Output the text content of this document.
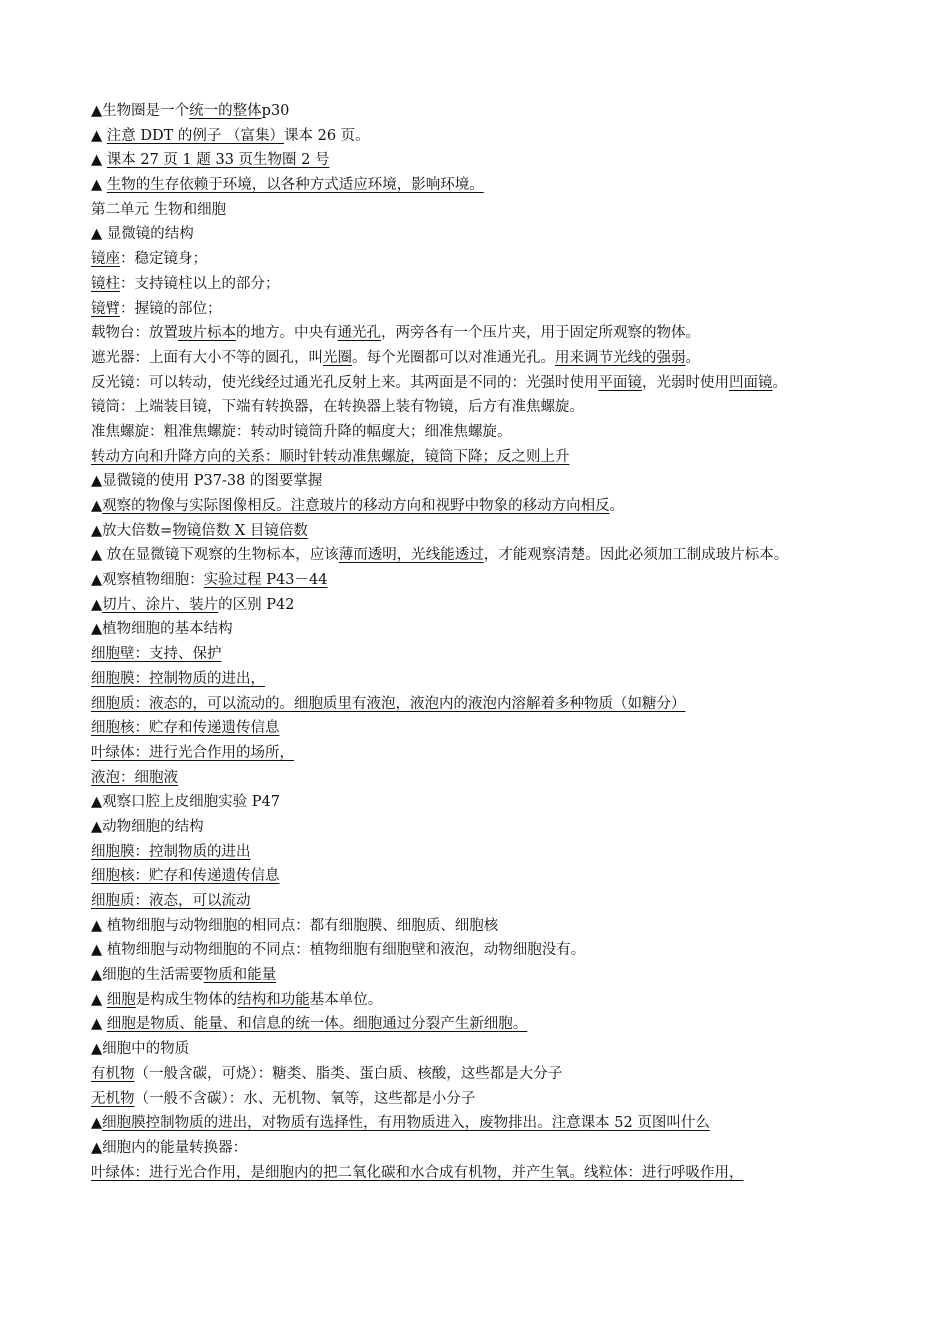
▲生物圈是一个统一的整体p30
▲ 注意 DDT 的例子 （富集）课本 26 页。
▲ 课本 27 页 1 题 33 页生物圈 2 号
▲ 生物的生存依赖于环境，以各种方式适应环境，影响环境。
第二单元 生物和细胞
▲ 显微镜的结构
镜座：稳定镜身；
镜柱：支持镜柱以上的部分；
镜臂：握镜的部位；
载物台：放置玻片标本的地方。中央有通光孔，两旁各有一个压片夹，用于固定所观察的物体。
遮光器：上面有大小不等的圆孔，叫光圈。每个光圈都可以对准通光孔。用来调节光线的强弱。
反光镜：可以转动，使光线经过通光孔反射上来。其两面是不同的：光强时使用平面镜，光弱时使用凹面镜。
镜筒：上端装目镜，下端有转换器，在转换器上装有物镜，后方有准焦螺旋。
准焦螺旋：粗准焦螺旋：转动时镜筒升降的幅度大；细准焦螺旋。
转动方向和升降方向的关系：顺时针转动准焦螺旋，镜筒下降；反之则上升
▲显微镜的使用 P37-38 的图要掌握
▲观察的物像与实际图像相反。注意玻片的移动方向和视野中物象的移动方向相反。
▲放大倍数=物镜倍数 X 目镜倍数
▲ 放在显微镜下观察的生物标本，应该薄而透明，光线能透过，才能观察清楚。因此必须加工制成玻片标本。
▲观察植物细胞：实验过程 P43－44
▲切片、涂片、装片的区别 P42
▲植物细胞的基本结构
细胞壁：支持、保护
细胞膜：控制物质的进出，
细胞质：液态的，可以流动的。细胞质里有液泡，液泡内的液泡内溶解着多种物质（如糖分）
细胞核：贮存和传递遗传信息
叶绿体：进行光合作用的场所，
液泡：细胞液
▲观察口腔上皮细胞实验 P47
▲动物细胞的结构
细胞膜：控制物质的进出
细胞核：贮存和传递遗传信息
细胞质：液态，可以流动
▲ 植物细胞与动物细胞的相同点：都有细胞膜、细胞质、细胞核
▲ 植物细胞与动物细胞的不同点：植物细胞有细胞壁和液泡，动物细胞没有。
▲细胞的生活需要物质和能量
▲ 细胞是构成生物体的结构和功能基本单位。
▲ 细胞是物质、能量、和信息的统一体。细胞通过分裂产生新细胞。
▲细胞中的物质
有机物（一般含碳，可烧）：糖类、脂类、蛋白质、核酸，这些都是大分子
无机物（一般不含碳）：水、无机物、氧等，这些都是小分子
▲细胞膜控制物质的进出，对物质有选择性，有用物质进入，废物排出。注意课本 52 页图叫什么
▲细胞内的能量转换器：
叶绿体：进行光合作用，是细胞内的把二氧化碳和水合成有机物，并产生氧。线粒体：进行呼吸作用，
